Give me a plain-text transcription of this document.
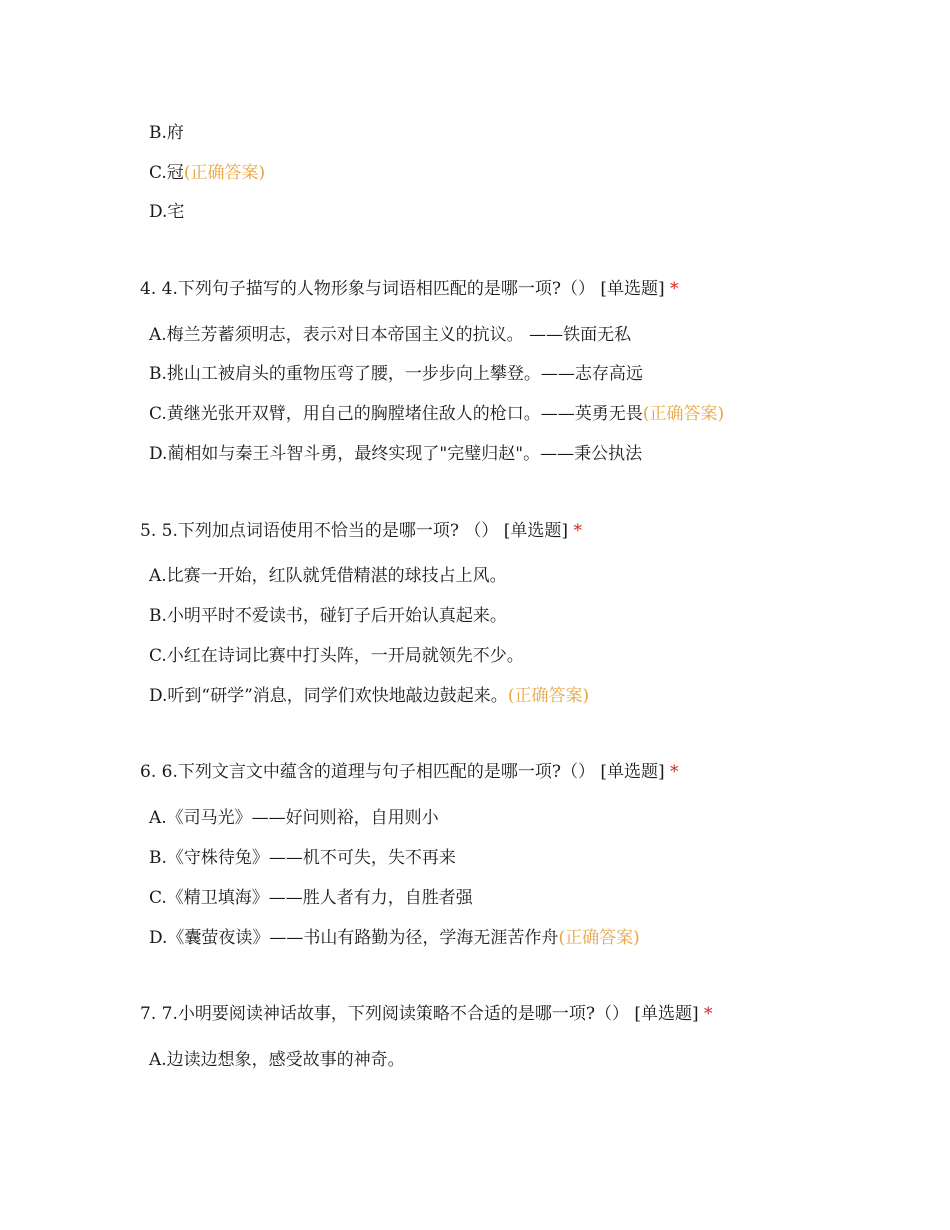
B.府
C.冠(正确答案)
D.宅
4. 4.下列句子描写的人物形象与词语相匹配的是哪一项?（） [单选题] *
A.梅兰芳蓄须明志，表示对日本帝国主义的抗议。 ——铁面无私
B.挑山工被肩头的重物压弯了腰，一步步向上攀登。——志存高远
C.黄继光张开双臂，用自己的胸膛堵住敌人的枪口。——英勇无畏(正确答案)
D.蔺相如与秦王斗智斗勇，最终实现了"完璧归赵"。——秉公执法
5. 5.下列加点词语使用不恰当的是哪一项? （） [单选题] *
A.比赛一开始，红队就凭借精湛的球技占上风。
B.小明平时不爱读书，碰钉子后开始认真起来。
C.小红在诗词比赛中打头阵，一开局就领先不少。
D.听到“研学”消息，同学们欢快地敲边鼓起来。(正确答案)
6. 6.下列文言文中蕴含的道理与句子相匹配的是哪一项?（） [单选题] *
A.《司马光》——好问则裕，自用则小
B.《守株待兔》——机不可失，失不再来
C.《精卫填海》——胜人者有力，自胜者强
D.《囊萤夜读》——书山有路勤为径，学海无涯苦作舟(正确答案)
7. 7.小明要阅读神话故事，下列阅读策略不合适的是哪一项?（） [单选题] *
A.边读边想象，感受故事的神奇。
